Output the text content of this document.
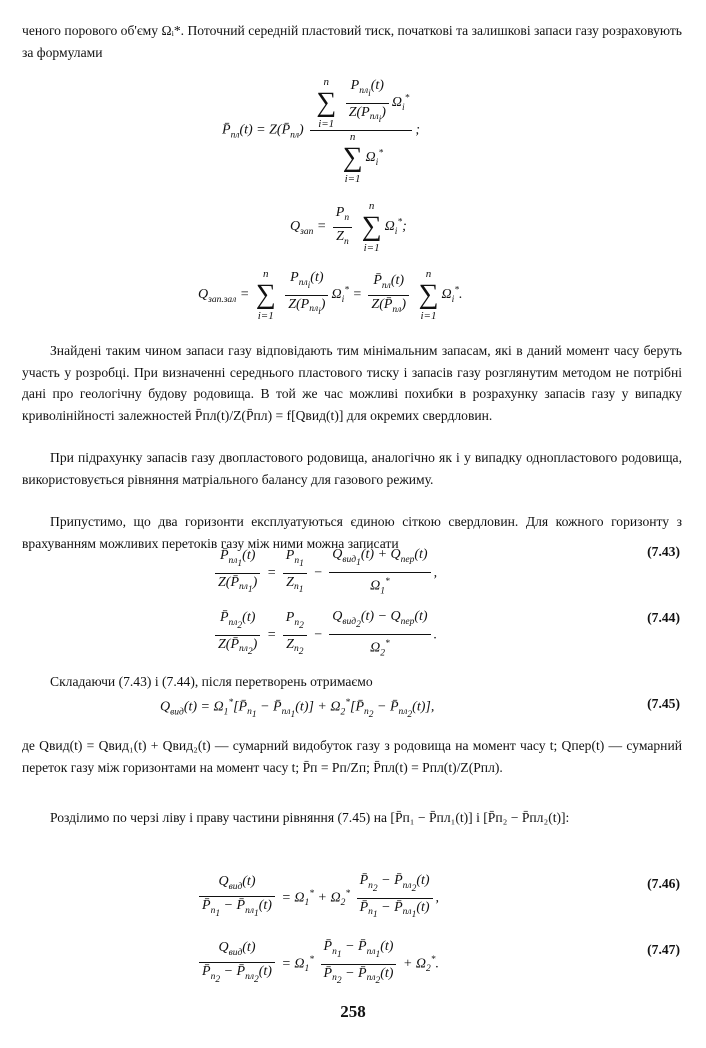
ченого порового об'єму Ωᵢ*. Поточний середній пластовий тиск, початкові та залишкові запаси газу розраховують за формулами

$P̄_{пл}(t)$ = $Z(P̄_{пл})$ n
∑
i=1
$\frac{P_{пл_i}(t)}{Z(P_{пл_i})} \Omega_i^*$
n
∑
i=1
$\Omega_i^*$ ;
$Q_{зап} = \frac{P_п}{Z_п}$
	n
∑
i=1
$\Omega_i^*$;
$Q_{зап.зал}$ =
n
∑
i=1
$\frac{P_{пл_i}(t)}{Z(P_{пл_i})} \Omega_i^* = \frac{P̄_{пл}(t)}{Z(P̄_{пл})}$
	n
∑
i=1
$\Omega_i^*$.

Знайдені таким чином запаси газу відповідають тим мінімальним запасам, які в даний момент часу беруть участь у розробці. При визначенні середнього пластового тиску і запасів газу розглянутим методом не потрібні дані про геологічну будову родовища. В той же час можливі похибки в розрахунку запасів газу у випадку криволінійності залежностей P̄пл(t)/Z(P̄пл) = f[Qвид(t)] для окремих свердловин.

При підрахунку запасів газу двопластового родовища, аналогічно як і у випадку однопластового родовища, використовується рівняння матріального балансу для газового режиму.

Припустимо, що два горизонти експлуатуються єдиною сіткою свердловин. Для кожного горизонту з врахуванням можливих перетоків газу між ними можна записати

$\frac{P̄_{пл_1}(t)}{Z(P̄_{пл_1})} = \frac{P_{п_1}}{Z_{п_1}} - \frac{Q_{вид_1}(t) + Q_{пер}(t)}{\Omega_1^*}$ ,
(7.43)
$\frac{P̄_{пл_2}(t)}{Z(P̄_{пл_2})} = \frac{P_{п_2}}{Z_{п_2}} - \frac{Q_{вид_2}(t) - Q_{пер}(t)}{\Omega_2^*}$ .
(7.44)

Складаючи (7.43) і (7.44), після перетворень отримаємо

$Q_{вид}(t)$ = $\Omega_1^*[P̄_{п_1}$ − $P̄_{пл_1}(t)$] + $\Omega_2^*[P̄_{п_2}$ − $P̄_{пл_2}(t)$],	(7.45)

де Qвид(t) = Qвид₁(t) + Qвид₂(t) — сумарний видобуток газу з родовища на момент часу t; Qпер(t) — сумарний переток газу між горизонтами на момент часу t; P̄п = Pп/Zп; P̄пл(t) = Pпл(t)/Z(Pпл).

Розділимо по черзі ліву і праву частини рівняння (7.45) на [P̄п₁ − P̄пл₁(t)] і [P̄п₂ − P̄пл₂(t)]:

$\frac{Q_{вид}(t)}{P̄_{п_1} - P̄_{пл_1}(t)} = \Omega_1^* + \Omega_2^* \frac{P̄_{п_2} - P̄_{пл_2}(t)}{P̄_{п_1} - P̄_{пл_1}(t)}$ ,
(7.46)
$\frac{Q_{вид}(t)}{P̄_{п_2} - P̄_{пл_2}(t)} = \Omega_1^* \frac{P̄_{п_1} - P̄_{пл_1}(t)}{P̄_{п_2} - P̄_{пл_2}(t)} + \Omega_2^*$.
(7.47)
258
